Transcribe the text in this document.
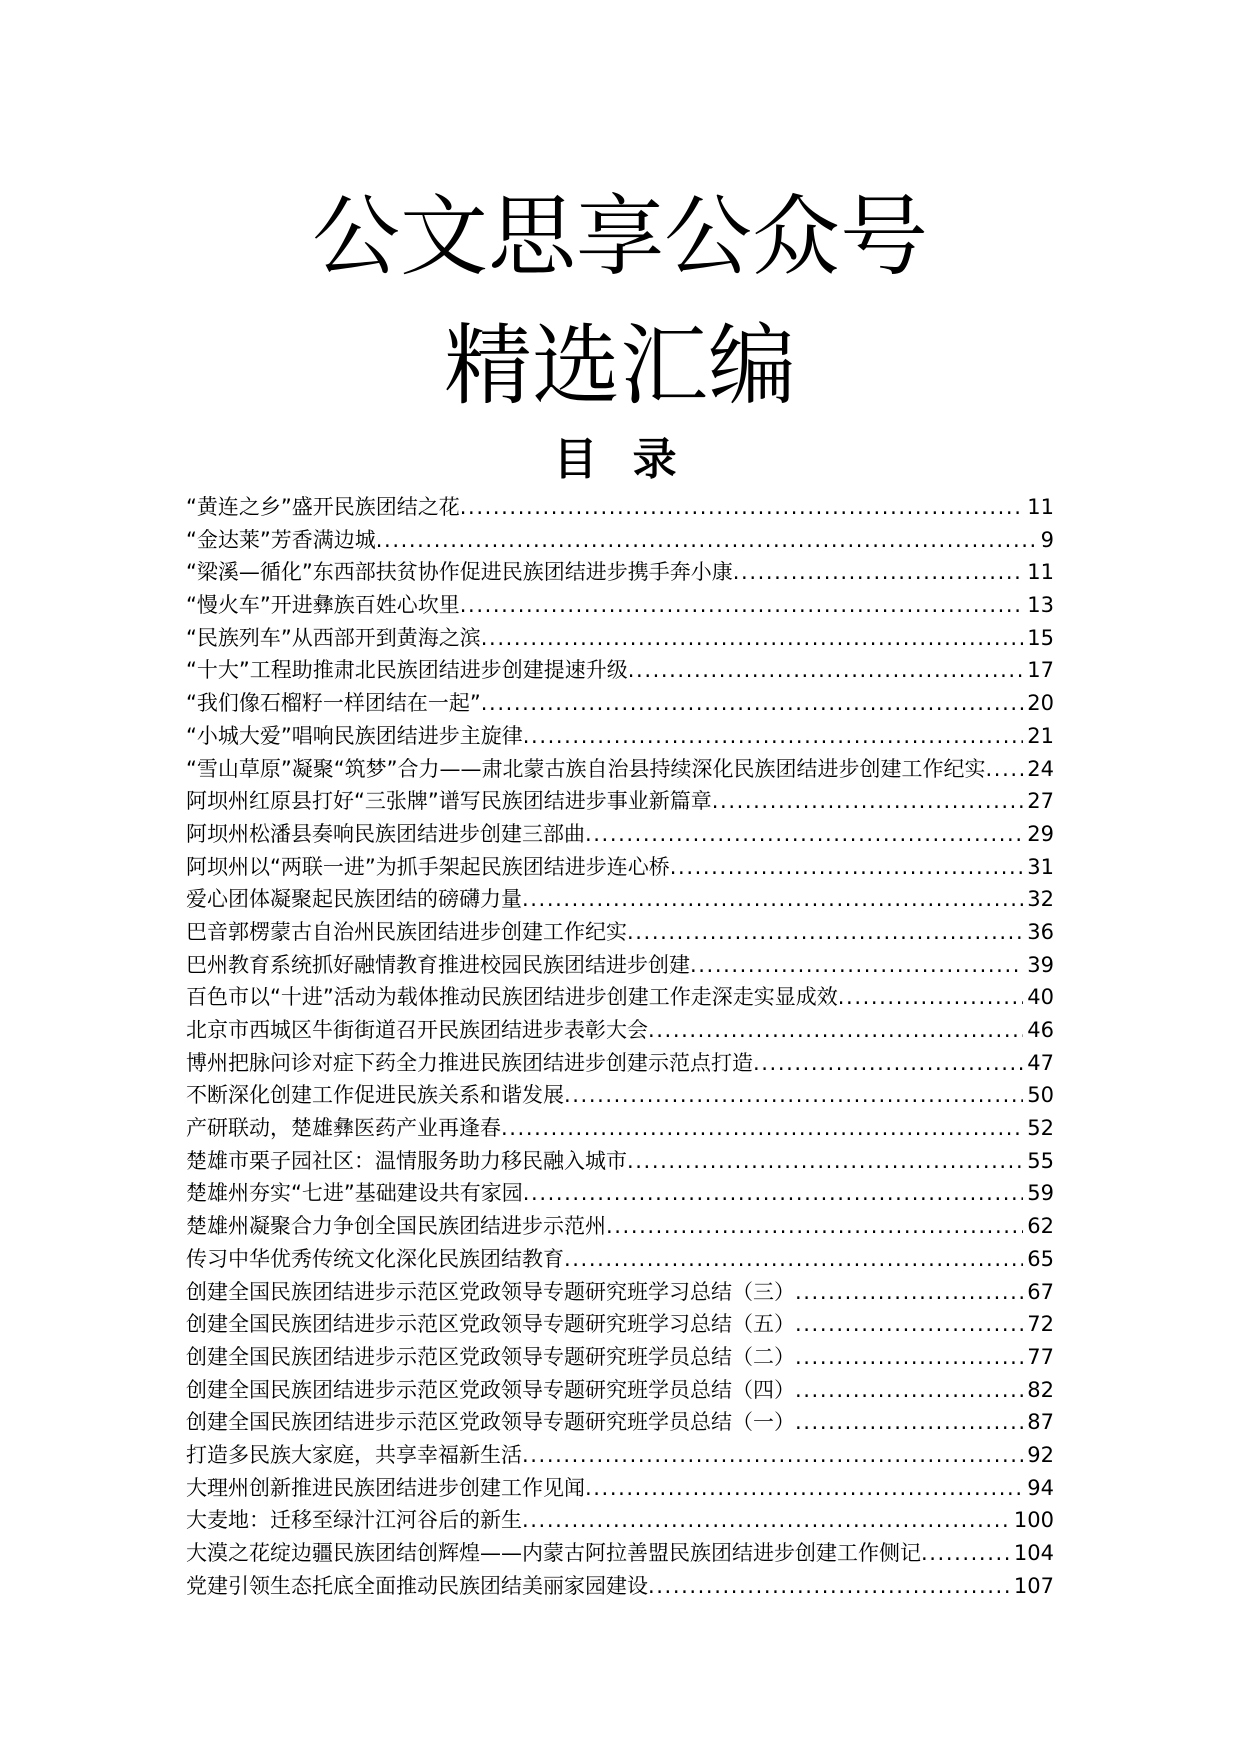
公文思享公众号
精选汇编
目 录
“黄连之乡”盛开民族团结之花 .....	11
“金达莱”芳香满边城 .....	9
“梁溪—循化”东西部扶贫协作促进民族团结进步携手奔小康 .....	11
“慢火车”开进彝族百姓心坎里 .....	13
“民族列车”从西部开到黄海之滨 .....	15
“十大”工程助推肃北民族团结进步创建提速升级 .....	17
“我们像石榴籽一样团结在一起” .....	20
“小城大爱”唱响民族团结进步主旋律 .....	21
“雪山草原”凝聚“筑梦”合力——肃北蒙古族自治县持续深化民族团结进步创建工作纪实 ..... 24
阿坝州红原县打好“三张牌”谱写民族团结进步事业新篇章 .....	27
阿坝州松潘县奏响民族团结进步创建三部曲 .....	29
阿坝州以“两联一进”为抓手架起民族团结进步连心桥 .....	31
爱心团体凝聚起民族团结的磅礴力量 .....	32
巴音郭楞蒙古自治州民族团结进步创建工作纪实 .....	36
巴州教育系统抓好融情教育推进校园民族团结进步创建 .....	39
百色市以“十进”活动为载体推动民族团结进步创建工作走深走实显成效 .....	40
北京市西城区牛街街道召开民族团结进步表彰大会 .....	46
博州把脉问诊对症下药全力推进民族团结进步创建示范点打造 .....	47
不断深化创建工作促进民族关系和谐发展 .....	50
产研联动，楚雄彝医药产业再逢春 .....	52
楚雄市栗子园社区：温情服务助力移民融入城市 .....	55
楚雄州夯实“七进”基础建设共有家园 .....	59
楚雄州凝聚合力争创全国民族团结进步示范州 .....	62
传习中华优秀传统文化深化民族团结教育 .....	65
创建全国民族团结进步示范区党政领导专题研究班学习总结（三） .....	67
创建全国民族团结进步示范区党政领导专题研究班学习总结（五） .....	72
创建全国民族团结进步示范区党政领导专题研究班学员总结（二） .....	77
创建全国民族团结进步示范区党政领导专题研究班学员总结（四） .....	82
创建全国民族团结进步示范区党政领导专题研究班学员总结（一） .....	87
打造多民族大家庭，共享幸福新生活 .....	92
大理州创新推进民族团结进步创建工作见闻 .....	94
大麦地：迁移至绿汁江河谷后的新生 .....	100
大漠之花绽边疆民族团结创辉煌——内蒙古阿拉善盟民族团结进步创建工作侧记 .....	104
党建引领生态托底全面推动民族团结美丽家园建设 .....	107
